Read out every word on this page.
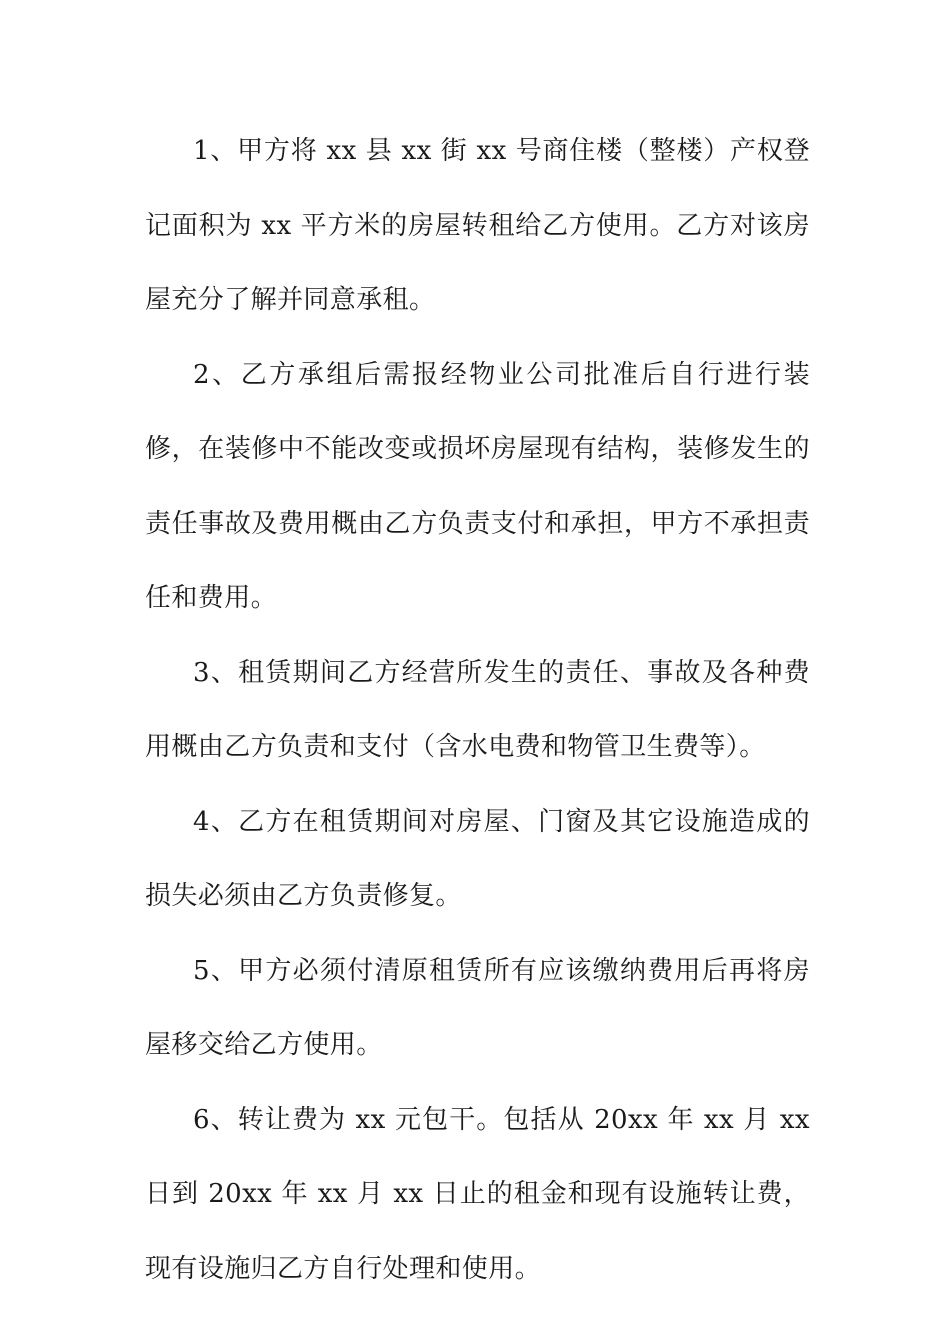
1、甲方将 xx 县 xx 街 xx 号商住楼（整楼）产权登记面积为 xx 平方米的房屋转租给乙方使用。乙方对该房屋充分了解并同意承租。

2、乙方承组后需报经物业公司批准后自行进行装修，在装修中不能改变或损坏房屋现有结构，装修发生的责任事故及费用概由乙方负责支付和承担，甲方不承担责任和费用。

3、租赁期间乙方经营所发生的责任、事故及各种费用概由乙方负责和支付（含水电费和物管卫生费等）。

4、乙方在租赁期间对房屋、门窗及其它设施造成的损失必须由乙方负责修复。

5、甲方必须付清原租赁所有应该缴纳费用后再将房屋移交给乙方使用。

6、转让费为 xx 元包干。包括从 20xx 年 xx 月 xx 日到 20xx 年 xx 月 xx 日止的租金和现有设施转让费，现有设施归乙方自行处理和使用。
